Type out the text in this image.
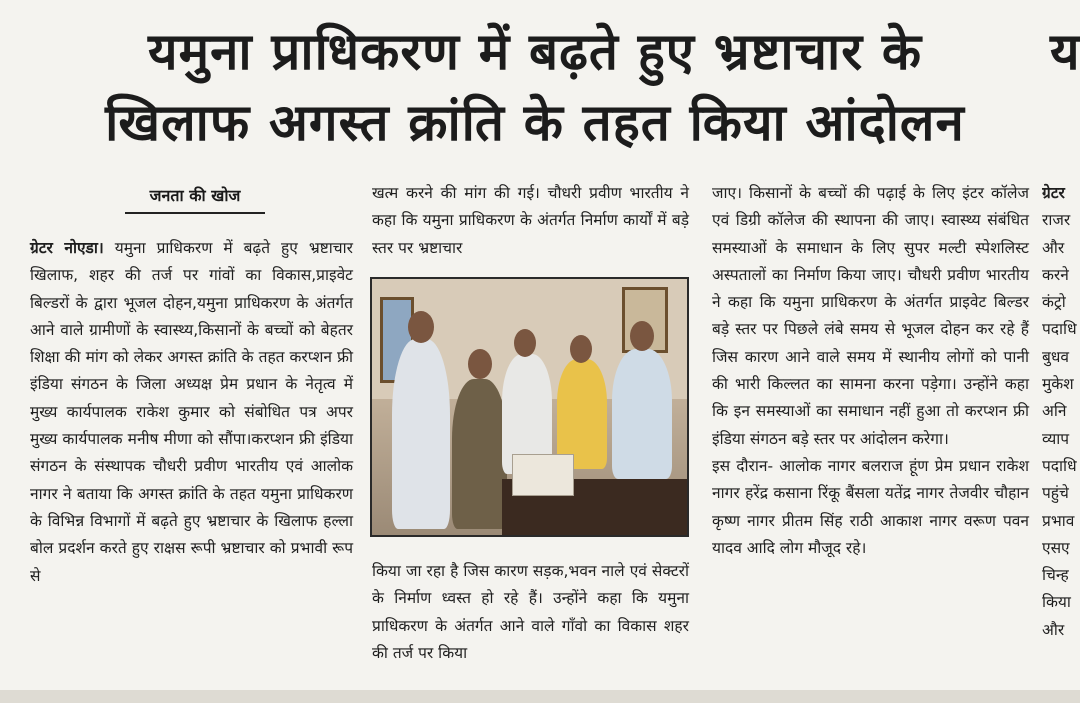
यमुना प्राधिकरण में बढ़ते हुए भ्रष्टाचार के
खिलाफ अगस्त क्रांति के तहत किया आंदोलन
य
जनता की खोज

ग्रेटर नोएडा। यमुना प्राधिकरण में बढ़ते हुए भ्रष्टाचार खिलाफ, शहर की तर्ज पर गांवों का विकास,प्राइवेट बिल्डरों के द्वारा भूजल दोहन,यमुना प्राधिकरण के अंतर्गत आने वाले ग्रामीणों के स्वास्थ्य,किसानों के बच्चों को बेहतर शिक्षा की मांग को लेकर अगस्त क्रांति के तहत करप्शन फ्री इंडिया संगठन के जिला अध्यक्ष प्रेम प्रधान के नेतृत्व में मुख्य कार्यपालक राकेश कुमार को संबोधित पत्र अपर मुख्य कार्यपालक मनीष मीणा को सौंपा।करप्शन फ्री इंडिया संगठन के संस्थापक चौधरी प्रवीण भारतीय एवं आलोक नागर ने बताया कि अगस्त क्रांति के तहत यमुना प्राधिकरण के विभिन्न विभागों में बढ़ते हुए भ्रष्टाचार के खिलाफ हल्ला बोल प्रदर्शन करते हुए राक्षस रूपी भ्रष्टाचार को प्रभावी रूप से

खत्म करने की मांग की गई। चौधरी प्रवीण भारतीय ने कहा कि यमुना प्राधिकरण के अंतर्गत निर्माण कार्यों में बड़े स्तर पर भ्रष्टाचार

किया जा रहा है जिस कारण सड़क,भवन नाले एवं सेक्टरों के निर्माण ध्वस्त हो रहे हैं। उन्होंने कहा कि यमुना प्राधिकरण के अंतर्गत आने वाले गाँवो का विकास शहर की तर्ज पर किया

जाए। किसानों के बच्चों की पढ़ाई के लिए इंटर कॉलेज एवं डिग्री कॉलेज की स्थापना की जाए। स्वास्थ्य संबंधित समस्याओं के समाधान के लिए सुपर मल्टी स्पेशलिस्ट अस्पतालों का निर्माण किया जाए। चौधरी प्रवीण भारतीय ने कहा कि यमुना प्राधिकरण के अंतर्गत प्राइवेट बिल्डर बड़े स्तर पर पिछले लंबे समय से भूजल दोहन कर रहे हैं जिस कारण आने वाले समय में स्थानीय लोगों को पानी की भारी किल्लत का सामना करना पड़ेगा। उन्होंने कहा कि इन समस्याओं का समाधान नहीं हुआ तो करप्शन फ्री इंडिया संगठन बड़े स्तर पर आंदोलन करेगा।

इस दौरान- आलोक नागर बलराज हूंण प्रेम प्रधान राकेश नागर हरेंद्र कसाना रिंकू बैंसला यतेंद्र नागर तेजवीर चौहान कृष्ण नागर प्रीतम सिंह राठी आकाश नागर वरूण पवन यादव आदि लोग मौजूद रहे।

ग्रेटर
राजर
और
करने
कंट्रो
पदाधि
बुधव
मुकेश
अनि
व्याप
पदाधि
पहुंचे
प्रभाव
एसए
चिन्ह
किया
और
